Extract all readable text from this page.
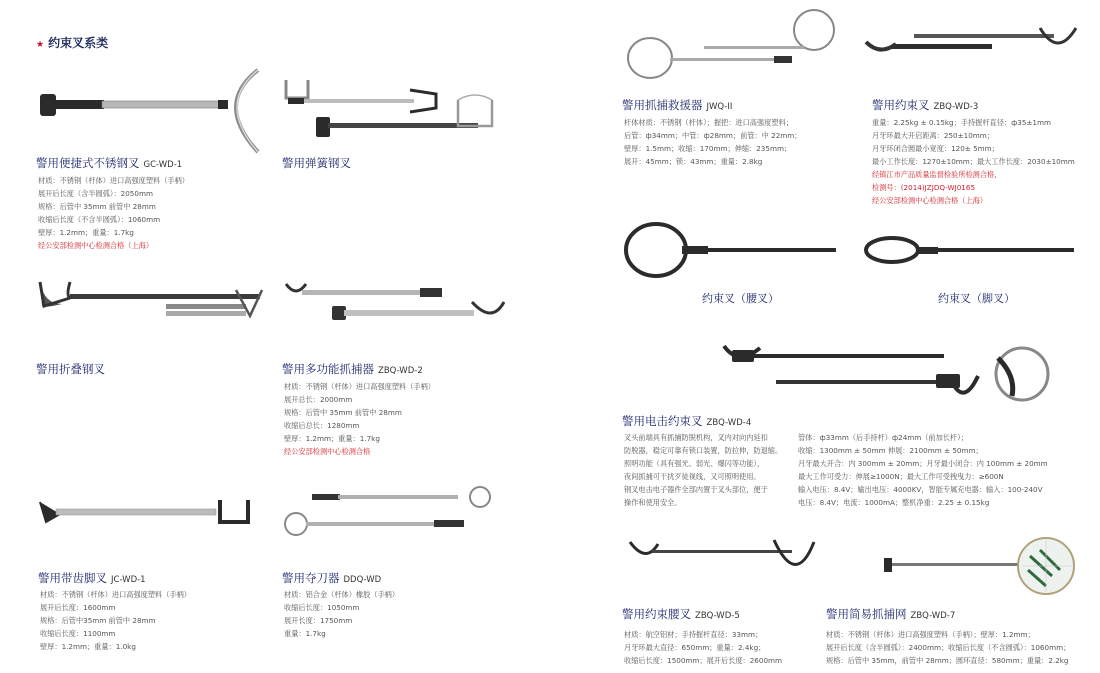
★ 约束叉系类
警用便捷式不锈钢叉 GC-WD-1
材质：不锈钢（杆体）进口高强度塑料（手柄）
展开后长度（含半圆弧）：2050mm
规格：后管中 35mm 前管中 28mm
收缩后长度（不含半圆弧）：1060mm
壁厚：1.2mm；重量：1.7kg
经公安部检测中心检测合格（上海）
警用弹簧钢叉
警用折叠钢叉	警用多功能抓捕器 ZBQ-WD-2
材质：不锈钢（杆体）进口高强度塑料（手柄）
展开总长：2000mm
规格：后管中 35mm 前管中 28mm
收缩后总长：1280mm
壁厚：1.2mm；重量：1.7kg
经公安部检测中心检测合格
警用带齿脚叉 JC-WD-1
材质：不锈钢（杆体）进口高强度塑料（手柄）
展开后长度：1600mm
规格：后管中35mm 前管中 28mm
收缩后长度：1100mm
壁厚：1.2mm；重量：1.0kg
警用夺刀器 DDQ-WD
材质：铝合金（杆体）橡胶（手柄）
收缩后长度：1050mm
展开长度：1750mm
重量：1.7kg
警用抓捕救援器 JWQ-II
杆体材质：不锈钢（杆体）；握把：进口高强度塑料；
后管：ф34mm；中管：ф28mm；前管：中 22mm；
壁厚：1.5mm；收缩：170mm；伸缩：235mm；
展开：45mm；锁：43mm；重量：2.8kg
警用约束叉 ZBQ-WD-3
重量：2.25kg ± 0.15kg；手持握杆直径：ф35±1mm
月牙环最大开启距离：250±10mm；
月牙环闭合圆最小宽度：120± 5mm；
最小工作长度：1270±10mm；最大工作长度：2030±10mm
经镇江市产品质量监督检验所检测合格，
检测号：(2014)JZJDQ-WJ0165
经公安部检测中心检测合格（上海）
约束叉（腰叉）	约束叉（脚叉）
警用电击约束叉 ZBQ-WD-4
叉头前端具有抓捕防脱机构，叉内对向内延扣
防脱器，稳定可靠有锁口装置，防拉伸，防退缩。
照明功能（具有强光、弱光、爆闪等功能），
夜间抓捕可干扰歹徒视线，又可照明使用。
钢叉电击电子器件全部内置于叉头部位，便于
操作和使用安全。
管体：ф33mm（后手持杆）ф24mm（前加长杆）；
收缩：1300mm ± 50mm 伸展：2100mm ± 50mm；
月牙最大开合：内 300mm ± 20mm；月牙最小闭合：内 100mm ± 20mm
最大工作可受力：伸展≥1000N；最大工作可受拽曳力：≥600N
输入电压：8.4V；输出电压：4000KV，智能专属充电器：输入：100-240V
电压：8.4V；电流：1000mA；整机净重：2.25 ± 0.15kg
警用约束腰叉 ZBQ-WD-5
材质：航空铝材；手持握杆直径：33mm；
月牙环最大直径：650mm；重量：2.4kg；
收缩后长度：1500mm；展开后长度：2600mm
警用简易抓捕网 ZBQ-WD-7
材质：不锈钢（杆体）进口高强度塑料（手柄）；壁厚：1.2mm；
展开后长度（含半圆弧）：2400mm；收缩后长度（不含圆弧）：1060mm；
规格：后管中 35mm，前管中 28mm；圆环直径：580mm；重量：2.2kg
